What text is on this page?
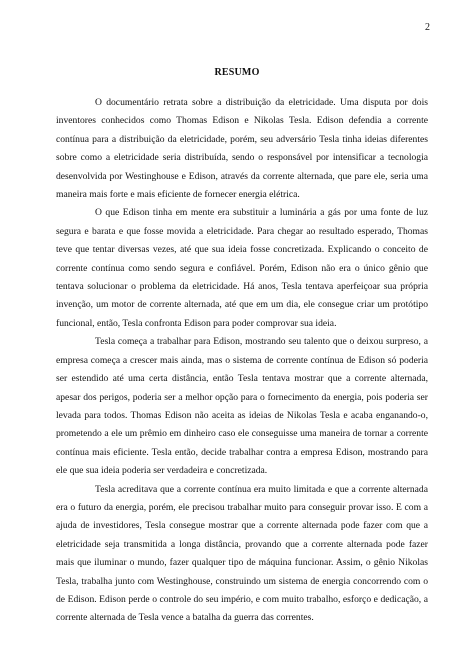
2
RESUMO

O documentário retrata sobre a distribuição da eletricidade. Uma disputa por dois inventores conhecidos como Thomas Edison e Nikolas Tesla. Edison defendia a corrente contínua para a distribuição da eletricidade, porém, seu adversário Tesla tinha ideias diferentes sobre como a eletricidade seria distribuída, sendo o responsável por intensificar a tecnologia desenvolvida por Westinghouse e Edison, através da corrente alternada, que pare ele, seria uma maneira mais forte e mais eficiente de fornecer energia elétrica.

O que Edison tinha em mente era substituir a luminária a gás por uma fonte de luz segura e barata e que fosse movida a eletricidade. Para chegar ao resultado esperado, Thomas teve que tentar diversas vezes, até que sua ideia fosse concretizada. Explicando o conceito de corrente contínua como sendo segura e confiável. Porém, Edison não era o único gênio que tentava solucionar o problema da eletricidade. Há anos, Tesla tentava aperfeiçoar sua própria invenção, um motor de corrente alternada, até que em um dia, ele consegue criar um protótipo funcional, então, Tesla confronta Edison para poder comprovar sua ideia.

Tesla começa a trabalhar para Edison, mostrando seu talento que o deixou surpreso, a empresa começa a crescer mais ainda, mas o sistema de corrente contínua de Edison só poderia ser estendido até uma certa distância, então Tesla tentava mostrar que a corrente alternada, apesar dos perigos, poderia ser a melhor opção para o fornecimento da energia, pois poderia ser levada para todos. Thomas Edison não aceita as ideias de Nikolas Tesla e acaba enganando-o, prometendo a ele um prêmio em dinheiro caso ele conseguisse uma maneira de tornar a corrente contínua mais eficiente. Tesla então, decide trabalhar contra a empresa Edison, mostrando para ele que sua ideia poderia ser verdadeira e concretizada.

Tesla acreditava que a corrente contínua era muito limitada e que a corrente alternada era o futuro da energia, porém, ele precisou trabalhar muito para conseguir provar isso. E com a ajuda de investidores, Tesla consegue mostrar que a corrente alternada pode fazer com que a eletricidade seja transmitida a longa distância, provando que a corrente alternada pode fazer mais que iluminar o mundo, fazer qualquer tipo de máquina funcionar. Assim, o gênio Nikolas Tesla, trabalha junto com Westinghouse, construindo um sistema de energia concorrendo com o de Edison. Edison perde o controle do seu império, e com muito trabalho, esforço e dedicação, a corrente alternada de Tesla vence a batalha da guerra das correntes.
